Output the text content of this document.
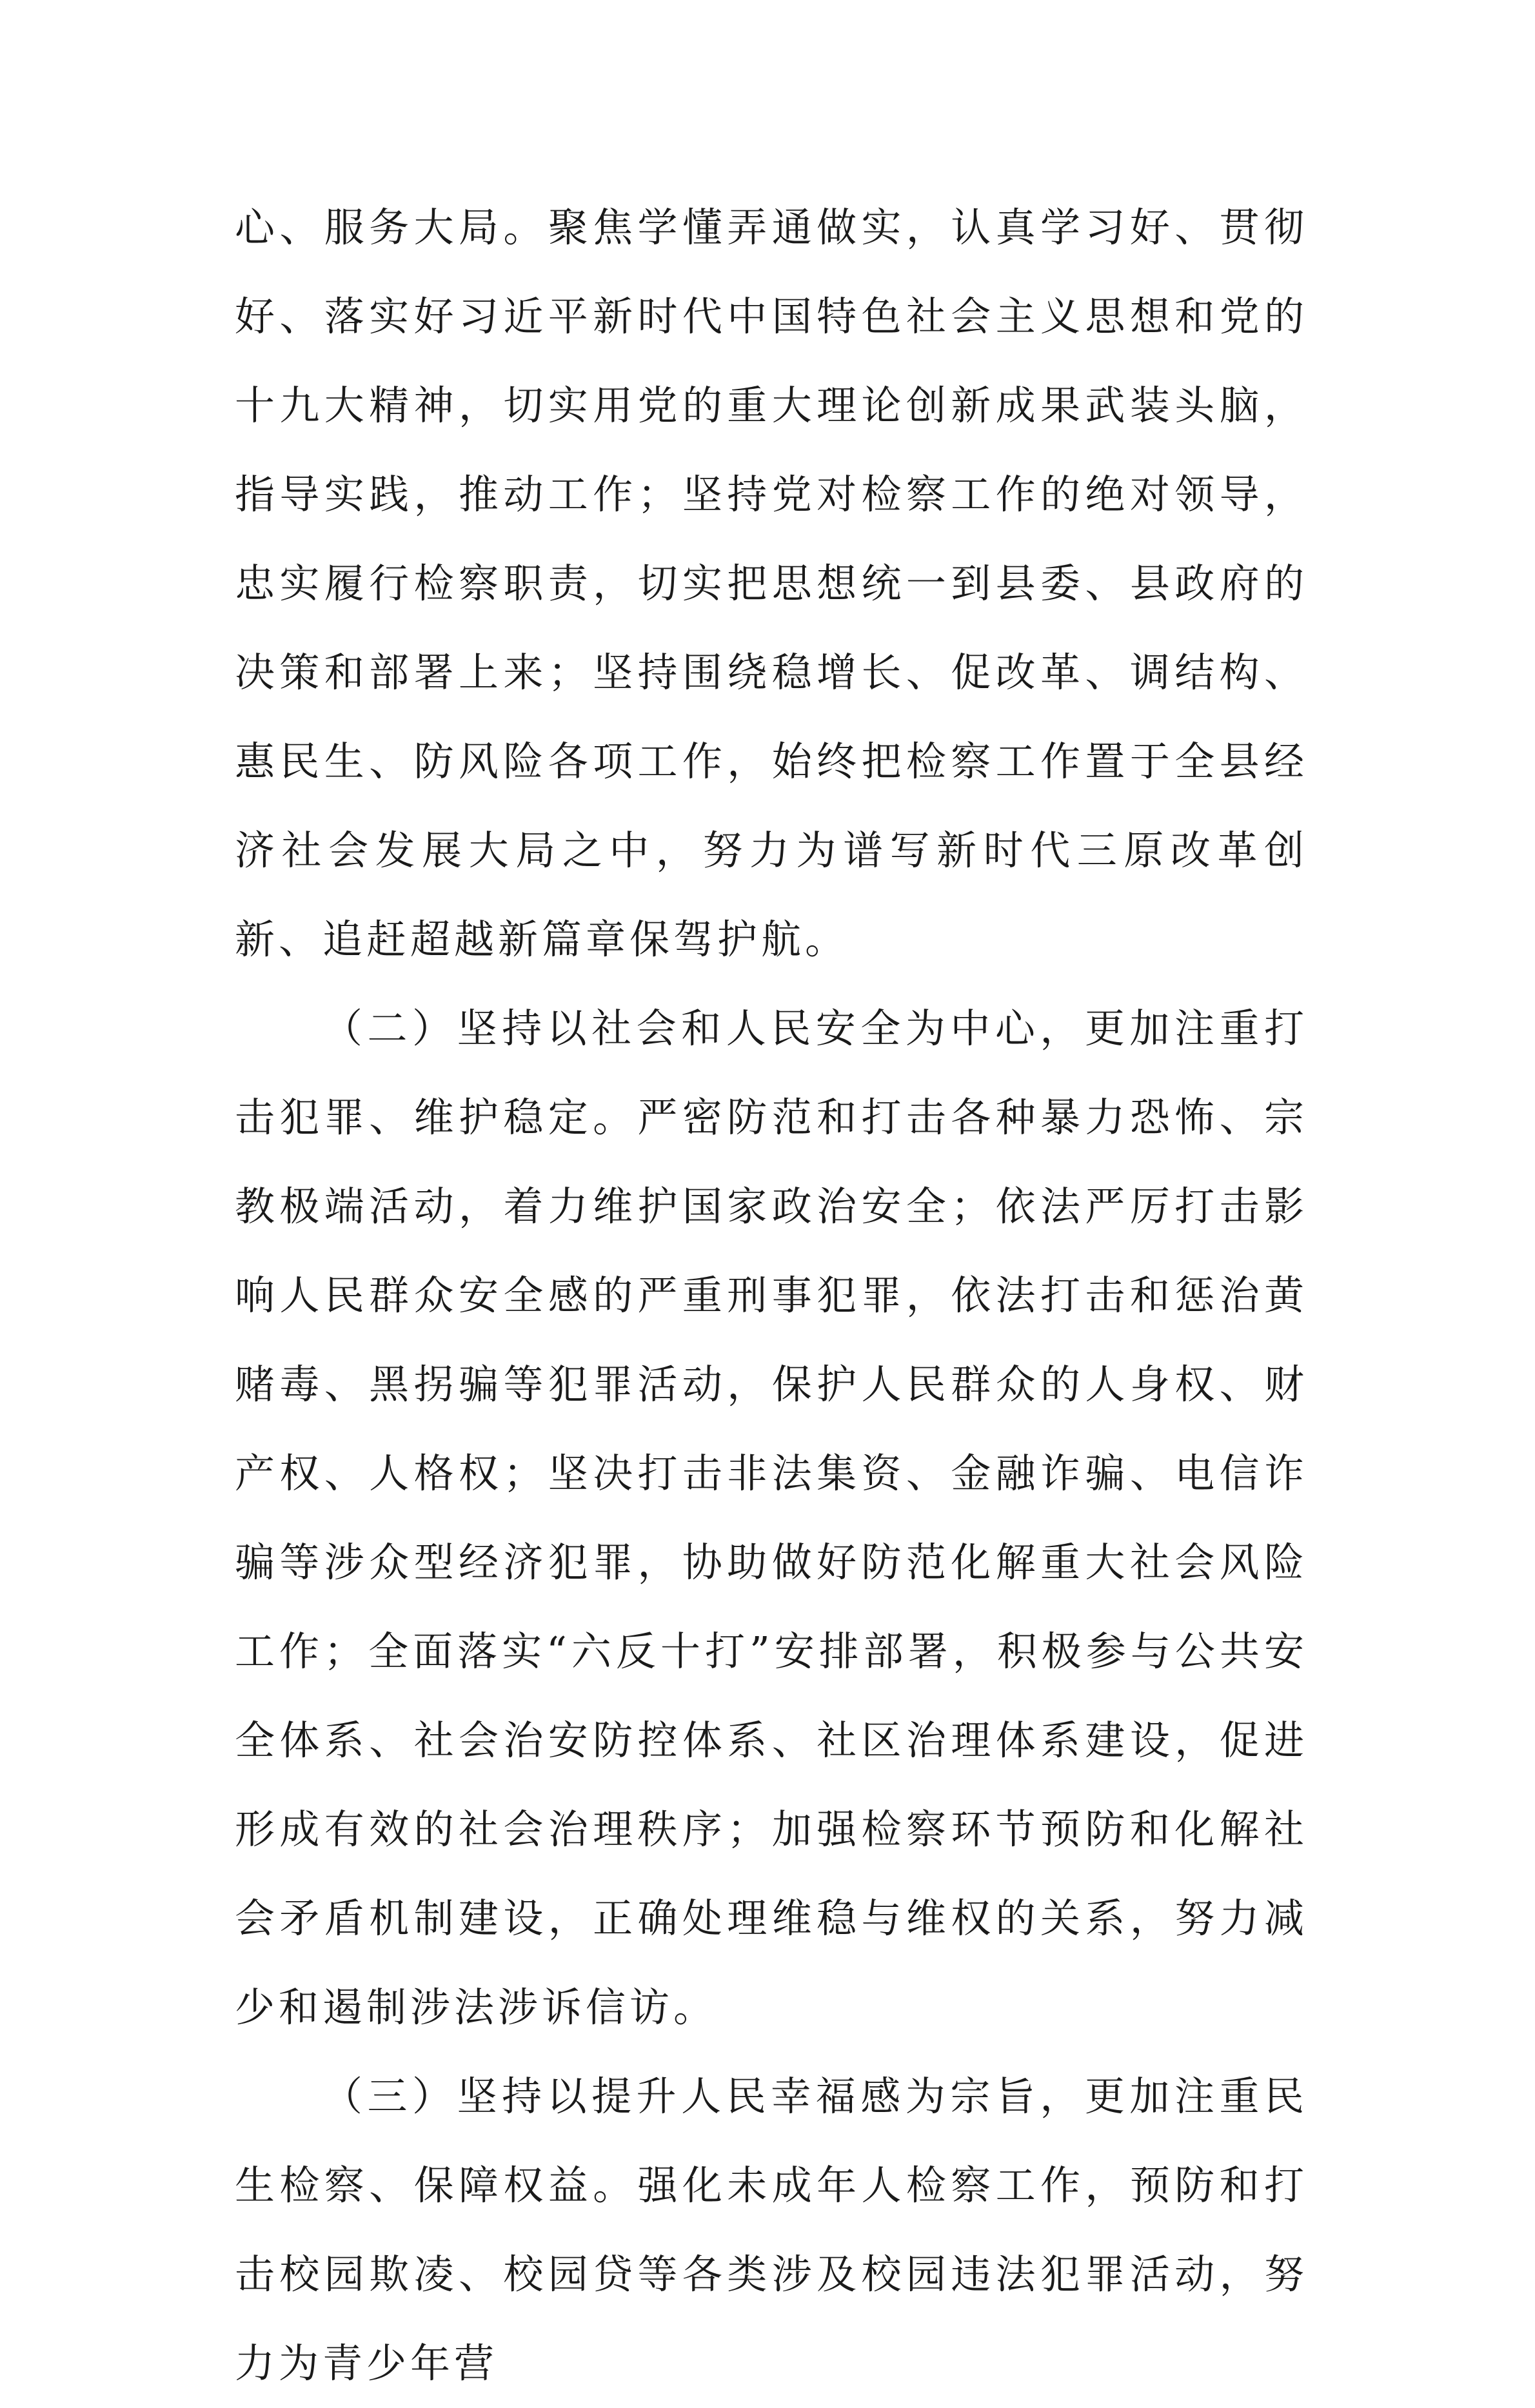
心、服务大局。聚焦学懂弄通做实，认真学习好、贯彻好、落实好习近平新时代中国特色社会主义思想和党的十九大精神，切实用党的重大理论创新成果武装头脑，指导实践，推动工作；坚持党对检察工作的绝对领导，忠实履行检察职责，切实把思想统一到县委、县政府的决策和部署上来；坚持围绕稳增长、促改革、调结构、惠民生、防风险各项工作，始终把检察工作置于全县经济社会发展大局之中，努力为谱写新时代三原改革创新、追赶超越新篇章保驾护航。

（二）坚持以社会和人民安全为中心，更加注重打击犯罪、维护稳定。严密防范和打击各种暴力恐怖、宗教极端活动，着力维护国家政治安全；依法严厉打击影响人民群众安全感的严重刑事犯罪，依法打击和惩治黄赌毒、黑拐骗等犯罪活动，保护人民群众的人身权、财产权、人格权；坚决打击非法集资、金融诈骗、电信诈骗等涉众型经济犯罪，协助做好防范化解重大社会风险工作；全面落实“六反十打”安排部署，积极参与公共安全体系、社会治安防控体系、社区治理体系建设，促进形成有效的社会治理秩序；加强检察环节预防和化解社会矛盾机制建设，正确处理维稳与维权的关系，努力减少和遏制涉法涉诉信访。

（三）坚持以提升人民幸福感为宗旨，更加注重民生检察、保障权益。强化未成年人检察工作，预防和打击校园欺凌、校园贷等各类涉及校园违法犯罪活动，努力为青少年营
